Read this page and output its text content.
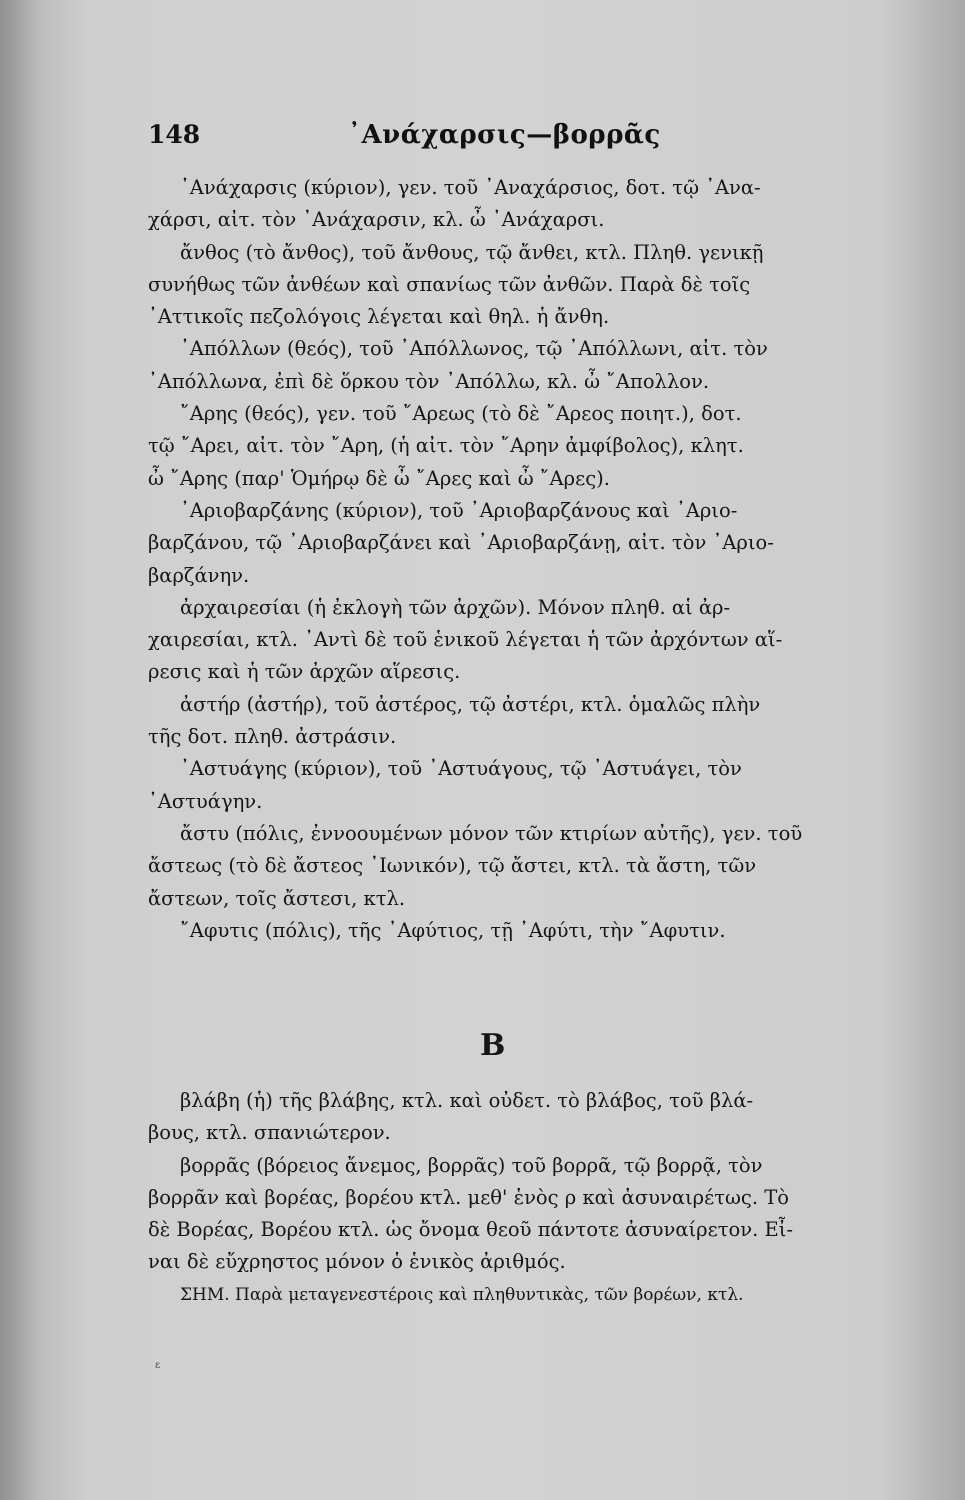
148	᾿Ανάχαρσις—βορρᾶς

᾿Ανάχαρσις (κύριον), γεν. τοῦ ᾿Αναχάρσιος, δοτ. τῷ ᾿Ανα-

χάρσι, αἰτ. τὸν ᾿Ανάχαρσιν, κλ. ὦ ᾿Ανάχαρσι.

ἄνθος (τὸ ἄνθος), τοῦ ἄνθους, τῷ ἄνθει, κτλ. Πληθ. γενικῇ

συνήθως τῶν ἀνθέων καὶ σπανίως τῶν ἀνθῶν. Παρὰ δὲ τοῖς

᾿Αττικοῖς πεζολόγοις λέγεται καὶ θηλ. ἡ ἄνθη.

᾿Απόλλων (θεός), τοῦ ᾿Απόλλωνος, τῷ ᾿Απόλλωνι, αἰτ. τὸν

᾿Απόλλωνα, ἐπὶ δὲ ὅρκου τὸν ᾿Απόλλω, κλ. ὦ ῎Απολλον.

῎Αρης (θεός), γεν. τοῦ ῎Αρεως (τὸ δὲ ῎Αρεος ποιητ.), δοτ.

τῷ ῎Αρει, αἰτ. τὸν ῎Αρη, (ἡ αἰτ. τὸν ῎Αρην ἀμφίβολος), κλητ.

ὦ ῎Αρης (παρ' Ὁμήρῳ δὲ ὦ ῎Αρες καὶ ὦ ῎Αρες).

᾿Αριοβαρζάνης (κύριον), τοῦ ᾿Αριοβαρζάνους καὶ ᾿Αριο-

βαρζάνου, τῷ ᾿Αριοβαρζάνει καὶ ᾿Αριοβαρζάνῃ, αἰτ. τὸν ᾿Αριο-

βαρζάνην.

ἀρχαιρεσίαι (ἡ ἐκλογὴ τῶν ἀρχῶν). Μόνον πληθ. αἱ ἀρ-

χαιρεσίαι, κτλ. ᾿Αντὶ δὲ τοῦ ἑνικοῦ λέγεται ἡ τῶν ἀρχόντων αἵ-

ρεσις καὶ ἡ τῶν ἀρχῶν αἵρεσις.

ἀστήρ (ἀστήρ), τοῦ ἀστέρος, τῷ ἀστέρι, κτλ. ὁμαλῶς πλὴν

τῆς δοτ. πληθ. ἀστράσιν.

᾿Αστυάγης (κύριον), τοῦ ᾿Αστυάγους, τῷ ᾿Αστυάγει, τὸν

᾿Αστυάγην.

ἄστυ (πόλις, ἐννοουμένων μόνον τῶν κτιρίων αὐτῆς), γεν. τοῦ

ἄστεως (τὸ δὲ ἄστεος ᾿Ιωνικόν), τῷ ἄστει, κτλ. τὰ ἄστη, τῶν

ἄστεων, τοῖς ἄστεσι, κτλ.

῎Αφυτις (πόλις), τῆς ᾿Αφύτιος, τῇ ᾿Αφύτι, τὴν ῎Αφυτιν.

Β

βλάβη (ἡ) τῆς βλάβης, κτλ. καὶ οὐδετ. τὸ βλάβος, τοῦ βλά-

βους, κτλ. σπανιώτερον.

βορρᾶς (βόρειος ἄνεμος, βορρᾶς) τοῦ βορρᾶ, τῷ βορρᾷ, τὸν

βορρᾶν καὶ βορέας, βορέου κτλ. μεθ' ἑνὸς ρ καὶ ἀσυναιρέτως. Τὸ

δὲ Βορέας, Βορέου κτλ. ὡς ὄνομα θεοῦ πάντοτε ἀσυναίρετον. Εἶ-

ναι δὲ εὔχρηστος μόνον ὁ ἑνικὸς ἀριθμός.

ΣΗΜ. Παρὰ μεταγενεστέροις καὶ πληθυντικὰς, τῶν βορέων, κτλ.

ε
